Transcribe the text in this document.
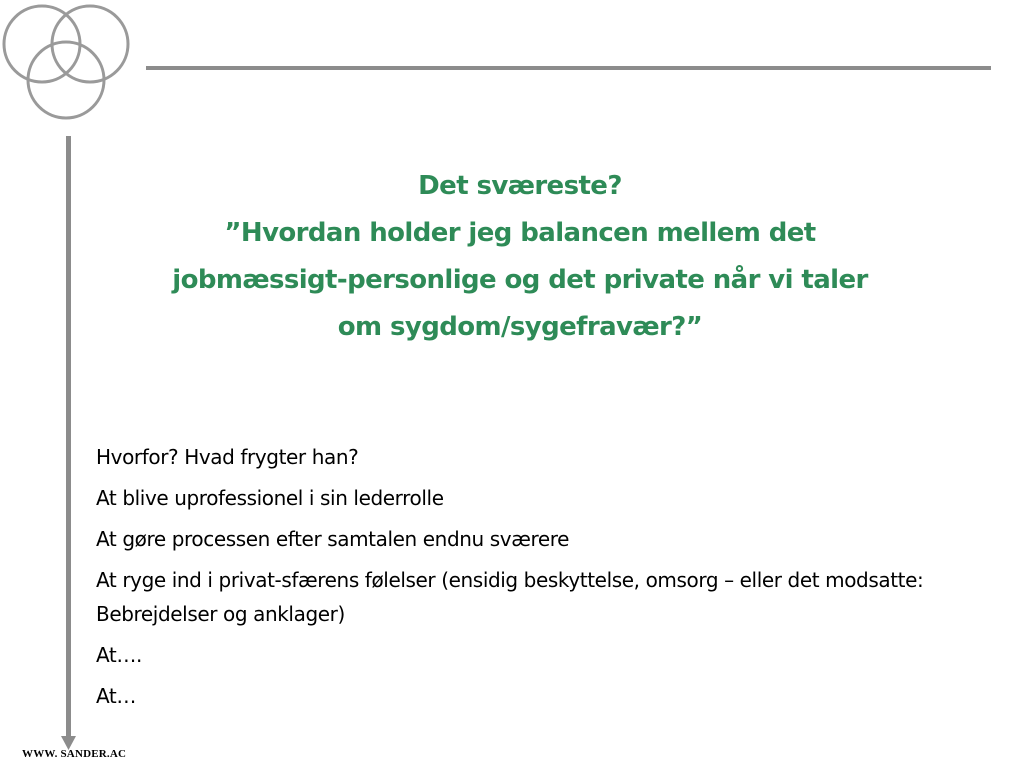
Det sværeste?
”Hvordan holder jeg balancen mellem det
jobmæssigt-personlige og det private når vi taler
om sygdom/sygefravær?”
Hvorfor? Hvad frygter han?
At blive uprofessionel i sin lederrolle
At gøre processen efter samtalen endnu sværere
At ryge ind i privat-sfærens følelser (ensidig beskyttelse, omsorg – eller det modsatte: Bebrejdelser og anklager)
At….
At…
WWW. SANDER.AC
